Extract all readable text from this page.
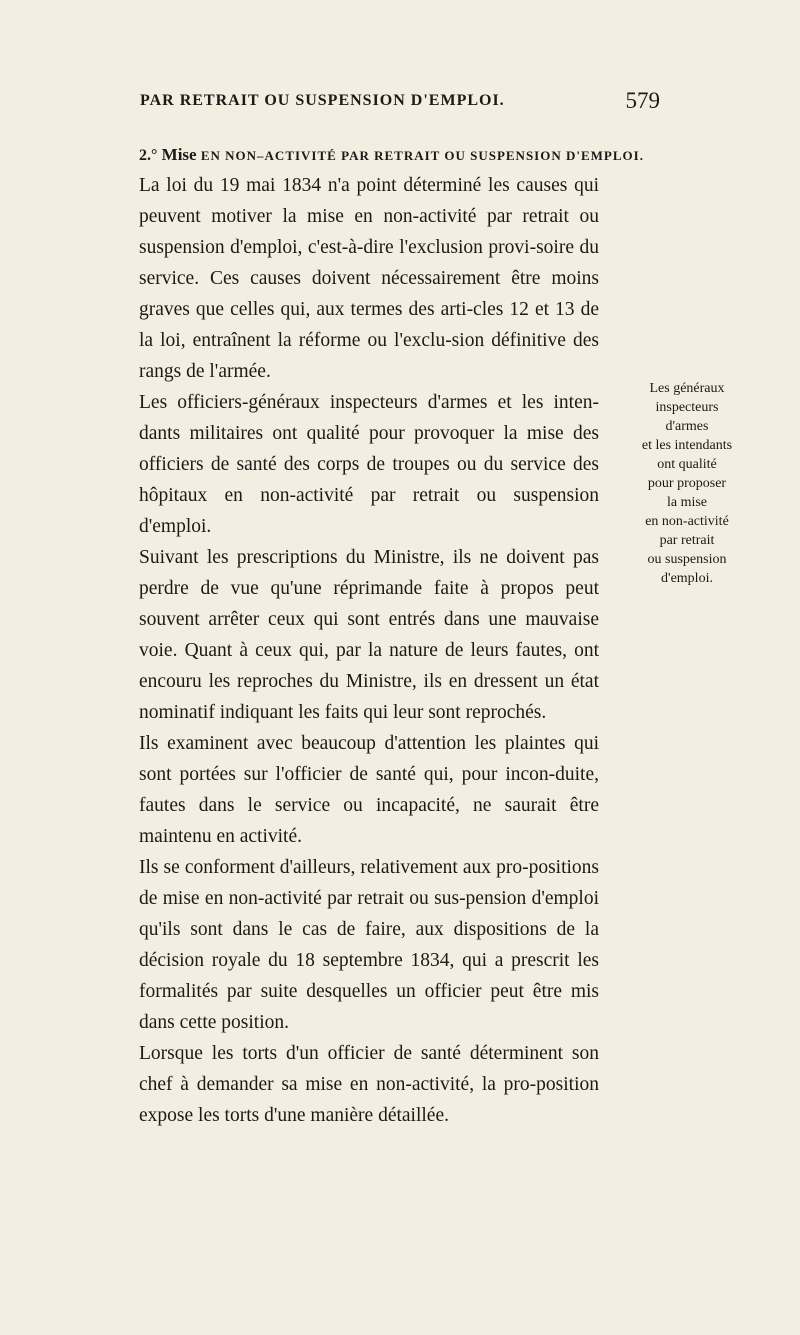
PAR RETRAIT OU SUSPENSION D'EMPLOI.	579
2.° Mise EN NON–ACTIVITÉ PAR RETRAIT OU SUSPENSION D'EMPLOI.

La loi du 19 mai 1834 n'a point déterminé les causes qui peuvent motiver la mise en non-activité par retrait ou suspension d'emploi, c'est-à-dire l'exclusion provi-soire du service. Ces causes doivent nécessairement être moins graves que celles qui, aux termes des arti-cles 12 et 13 de la loi, entraînent la réforme ou l'exclu-sion définitive des rangs de l'armée.

Les officiers-généraux inspecteurs d'armes et les inten-dants militaires ont qualité pour provoquer la mise des officiers de santé des corps de troupes ou du service des hôpitaux en non-activité par retrait ou suspension d'emploi.

Suivant les prescriptions du Ministre, ils ne doivent pas perdre de vue qu'une réprimande faite à propos peut souvent arrêter ceux qui sont entrés dans une mauvaise voie. Quant à ceux qui, par la nature de leurs fautes, ont encouru les reproches du Ministre, ils en dressent un état nominatif indiquant les faits qui leur sont reprochés.

Ils examinent avec beaucoup d'attention les plaintes qui sont portées sur l'officier de santé qui, pour incon-duite, fautes dans le service ou incapacité, ne saurait être maintenu en activité.

Ils se conforment d'ailleurs, relativement aux pro-positions de mise en non-activité par retrait ou sus-pension d'emploi qu'ils sont dans le cas de faire, aux dispositions de la décision royale du 18 septembre 1834, qui a prescrit les formalités par suite desquelles un officier peut être mis dans cette position.

Lorsque les torts d'un officier de santé déterminent son chef à demander sa mise en non-activité, la pro-position expose les torts d'une manière détaillée.

Les généraux
inspecteurs
d'armes
et les intendants
ont qualité
pour proposer
la mise
en non-activité
par retrait
ou suspension
d'emploi.
